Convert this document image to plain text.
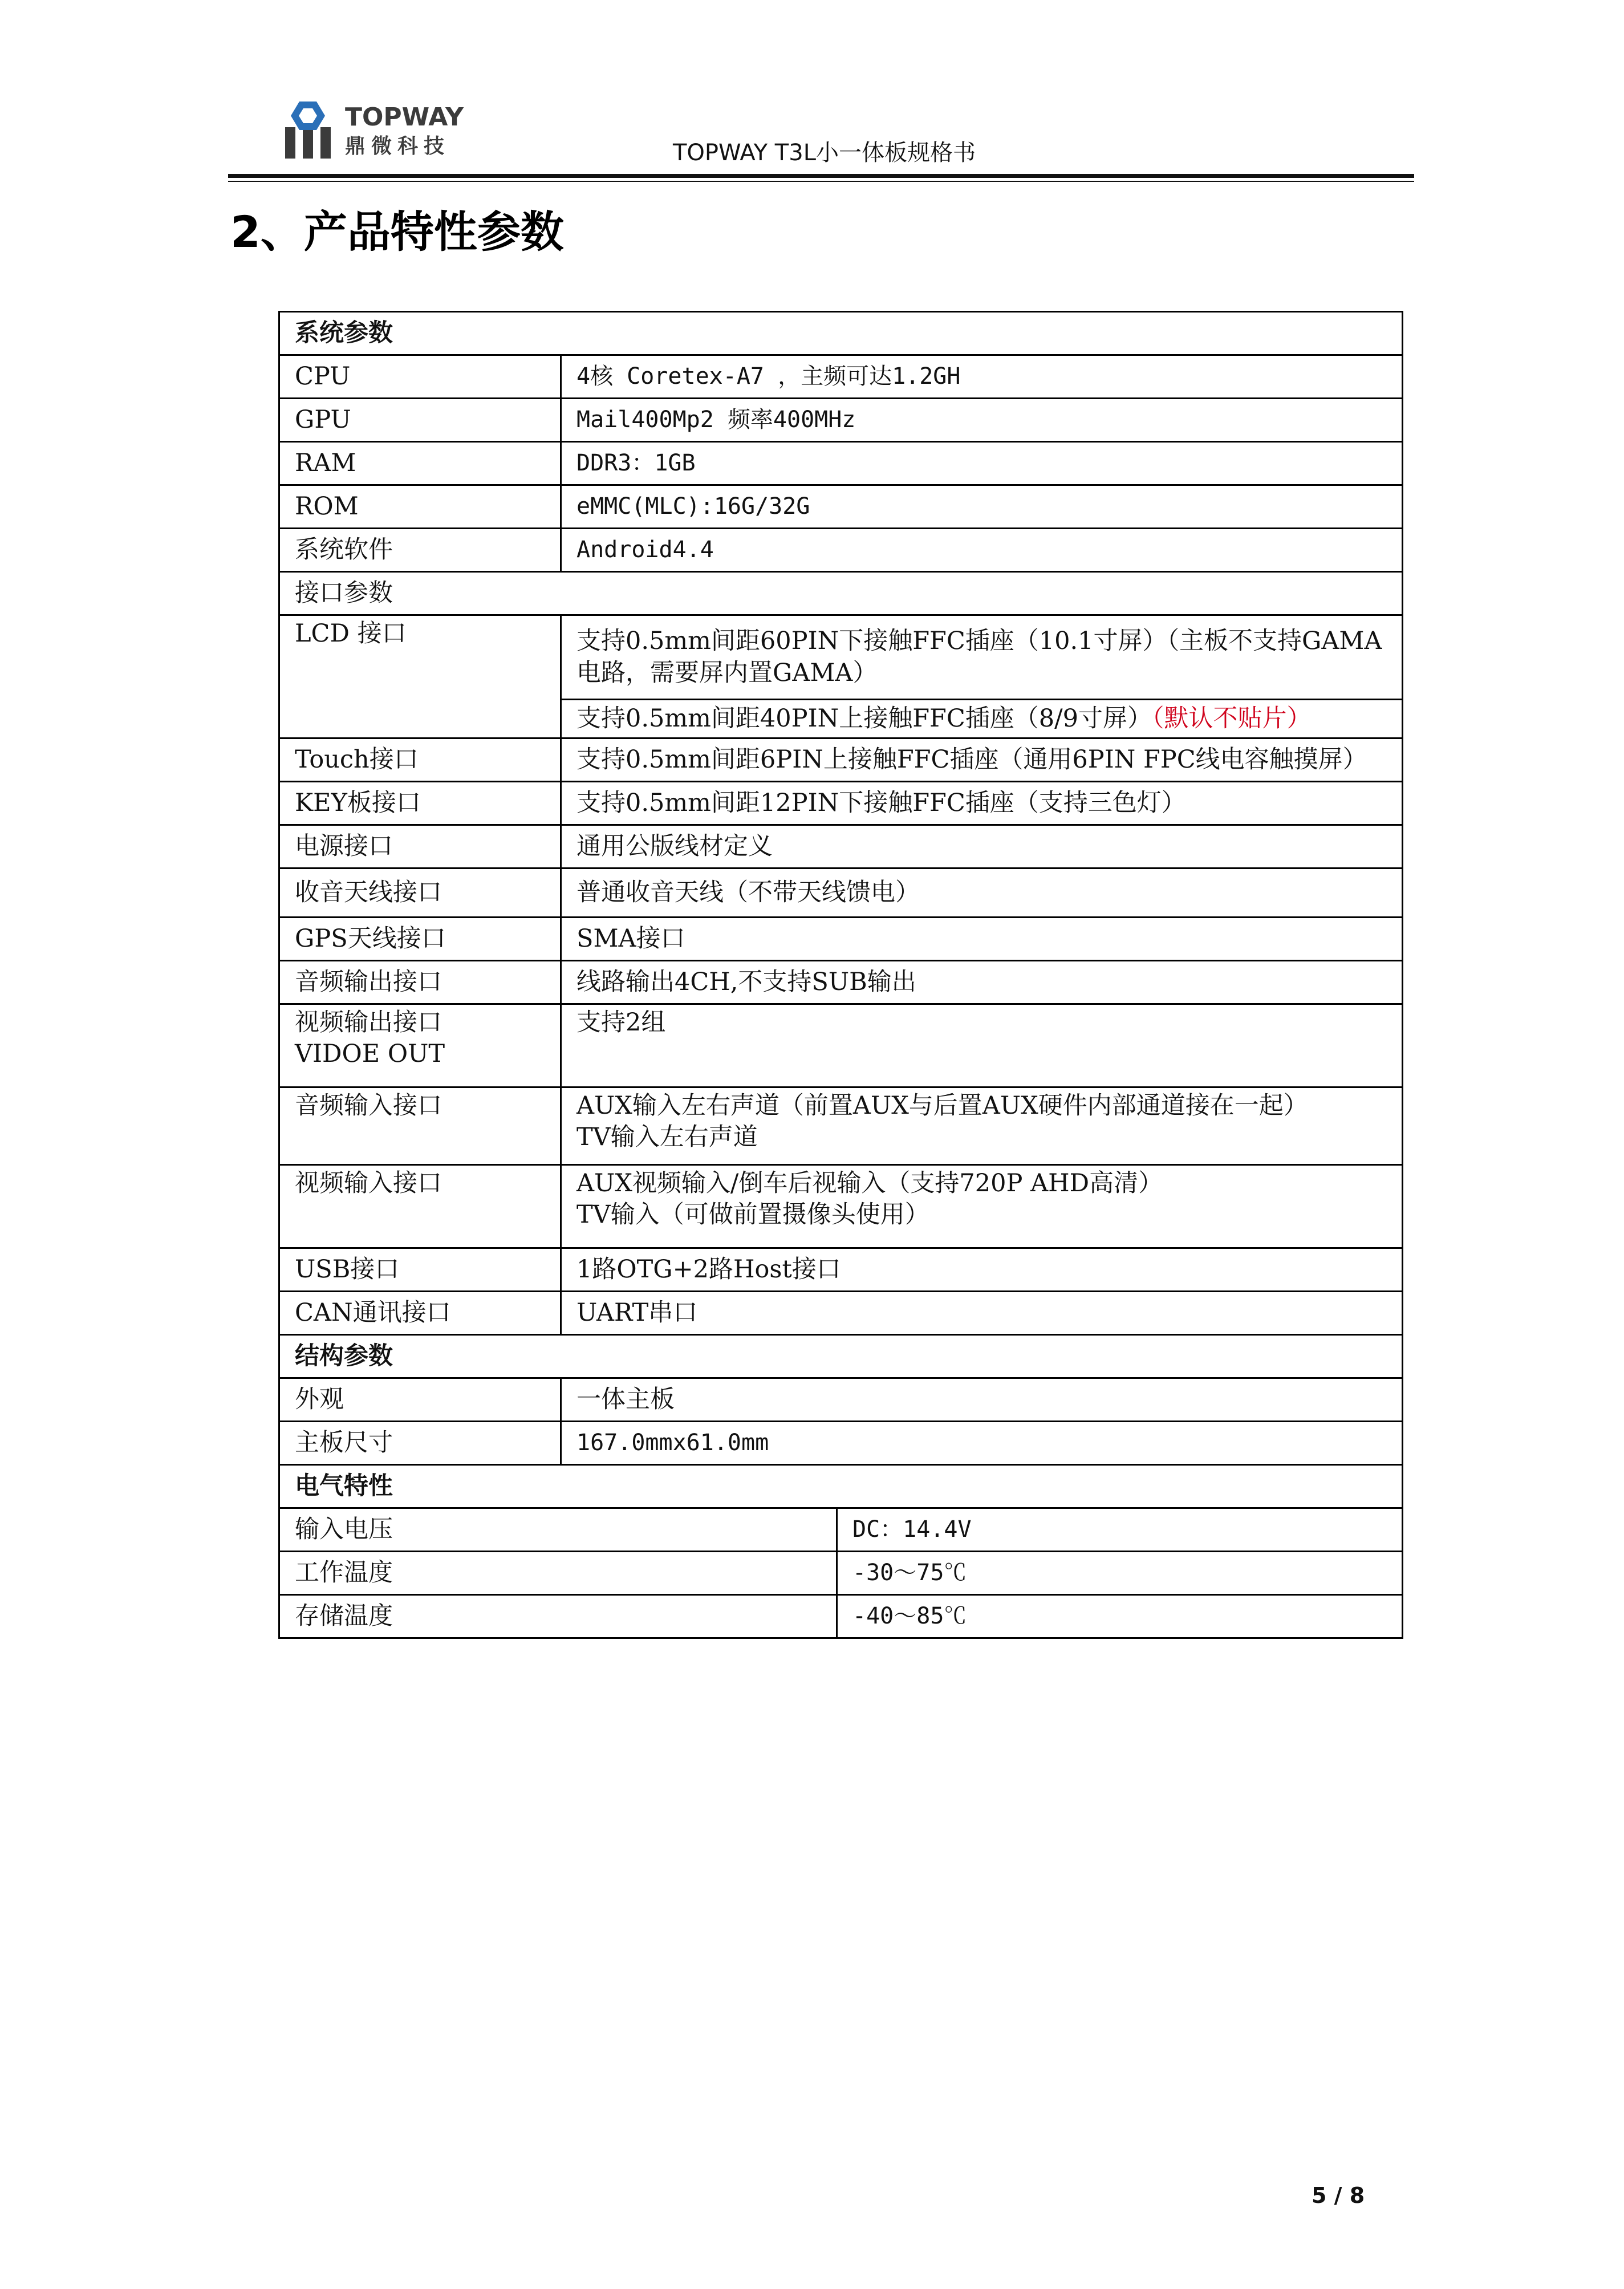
TOPWAY
鼎微科技	TOPWAY T3L小一体板规格书
2、产品特性参数
系统参数		
CPU	4核 Coretex-A7 ，主频可达1.2GH	
GPU	Mail400Mp2 频率400MHz	
RAM	DDR3：1GB	
ROM	eMMC(MLC):16G/32G	
系统软件	Android4.4	
接口参数		
LCD 接口	支持0.5mm间距60PIN下接触FFC插座（10.1寸屏）（主板不支持GAMA电路，需要屏内置GAMA）	
	支持0.5mm间距40PIN上接触FFC插座（8/9寸屏）（默认不贴片）	
Touch接口	支持0.5mm间距6PIN上接触FFC插座（通用6PIN FPC线电容触摸屏）	
KEY板接口	支持0.5mm间距12PIN下接触FFC插座（支持三色灯）	
电源接口	通用公版线材定义	
收音天线接口	普通收音天线（不带天线馈电）	
GPS天线接口	SMA接口	
音频输出接口	线路输出4CH,不支持SUB输出	

视频输出接口
VIDOE OUT	支持2组	
音频输入接口	AUX输入左右声道（前置AUX与后置AUX硬件内部通道接在一起）
TV输入左右声道	

视频输入接口	AUX视频输入/倒车后视输入（支持720P AHD高清）
TV输入（可做前置摄像头使用）	

USB接口	1路OTG+2路Host接口	
CAN通讯接口	UART串口	
结构参数		
外观	一体主板	
主板尺寸	167.0mmx61.0mm	
电气特性		
输入电压		DC：14.4V
工作温度		-30～75℃
存储温度		-40～85℃
5 / 8
